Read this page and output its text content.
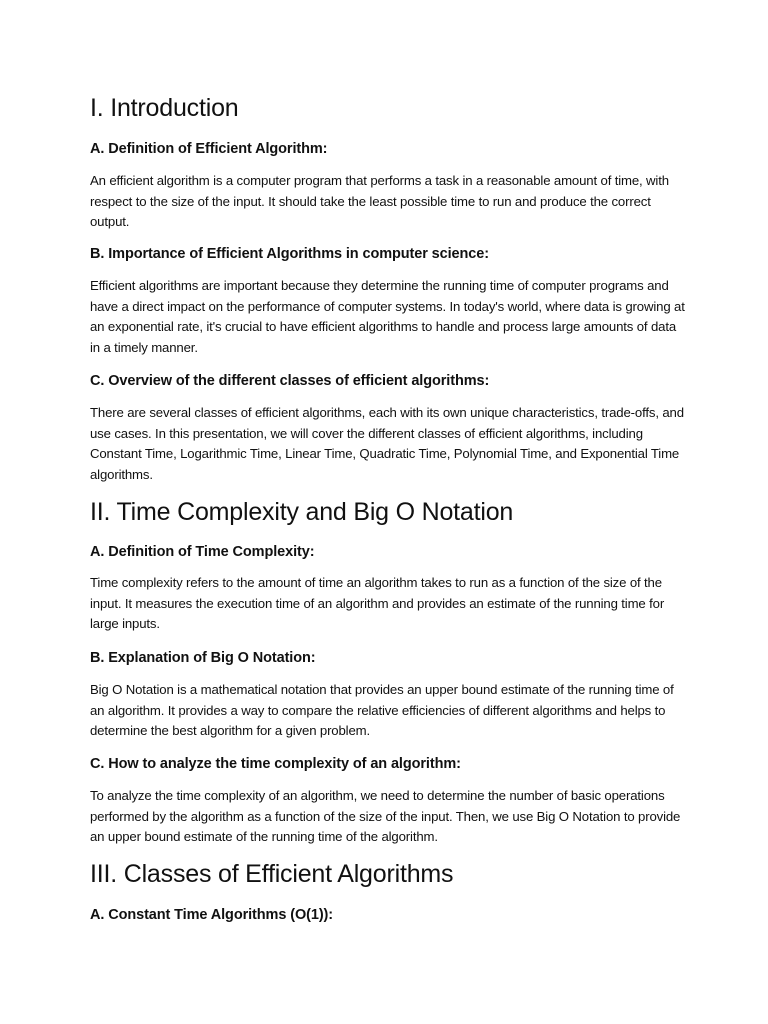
I. Introduction
A. Definition of Efficient Algorithm:

An efficient algorithm is a computer program that performs a task in a reasonable amount of time, with respect to the size of the input. It should take the least possible time to run and produce the correct output.

B. Importance of Efficient Algorithms in computer science:

Efficient algorithms are important because they determine the running time of computer programs and have a direct impact on the performance of computer systems. In today's world, where data is growing at an exponential rate, it's crucial to have efficient algorithms to handle and process large amounts of data in a timely manner.

C. Overview of the different classes of efficient algorithms:

There are several classes of efficient algorithms, each with its own unique characteristics, trade-offs, and use cases. In this presentation, we will cover the different classes of efficient algorithms, including Constant Time, Logarithmic Time, Linear Time, Quadratic Time, Polynomial Time, and Exponential Time algorithms.

II. Time Complexity and Big O Notation
A. Definition of Time Complexity:

Time complexity refers to the amount of time an algorithm takes to run as a function of the size of the input. It measures the execution time of an algorithm and provides an estimate of the running time for large inputs.

B. Explanation of Big O Notation:

Big O Notation is a mathematical notation that provides an upper bound estimate of the running time of an algorithm. It provides a way to compare the relative efficiencies of different algorithms and helps to determine the best algorithm for a given problem.

C. How to analyze the time complexity of an algorithm:

To analyze the time complexity of an algorithm, we need to determine the number of basic operations performed by the algorithm as a function of the size of the input. Then, we use Big O Notation to provide an upper bound estimate of the running time of the algorithm.

III. Classes of Efficient Algorithms
A. Constant Time Algorithms (O(1)):
